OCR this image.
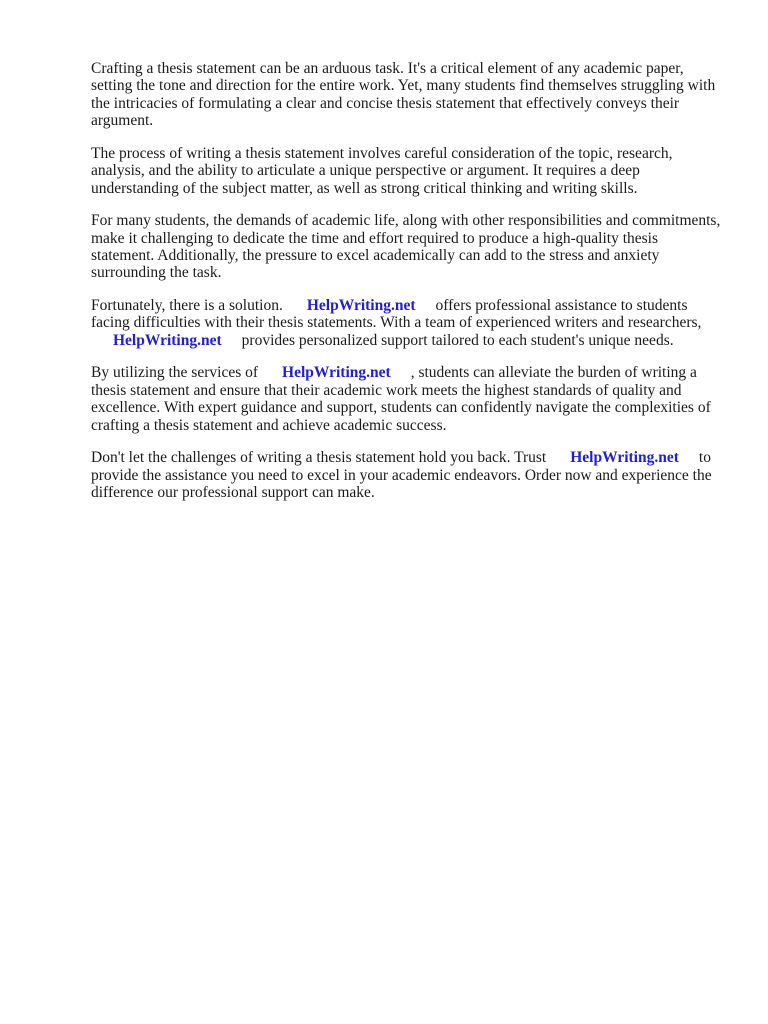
Crafting a thesis statement can be an arduous task. It's a critical element of any academic paper,
setting the tone and direction for the entire work. Yet, many students find themselves struggling with
the intricacies of formulating a clear and concise thesis statement that effectively conveys their
argument.

The process of writing a thesis statement involves careful consideration of the topic, research,
analysis, and the ability to articulate a unique perspective or argument. It requires a deep
understanding of the subject matter, as well as strong critical thinking and writing skills.

For many students, the demands of academic life, along with other responsibilities and commitments,
make it challenging to dedicate the time and effort required to produce a high-quality thesis
statement. Additionally, the pressure to excel academically can add to the stress and anxiety
surrounding the task.

Fortunately, there is a solution. HelpWriting.net offers professional assistance to students
facing difficulties with their thesis statements. With a team of experienced writers and researchers,
HelpWriting.net provides personalized support tailored to each student's unique needs.

By utilizing the services of HelpWriting.net , students can alleviate the burden of writing a
thesis statement and ensure that their academic work meets the highest standards of quality and
excellence. With expert guidance and support, students can confidently navigate the complexities of
crafting a thesis statement and achieve academic success.

Don't let the challenges of writing a thesis statement hold you back. Trust HelpWriting.net to
provide the assistance you need to excel in your academic endeavors. Order now and experience the
difference our professional support can make.
